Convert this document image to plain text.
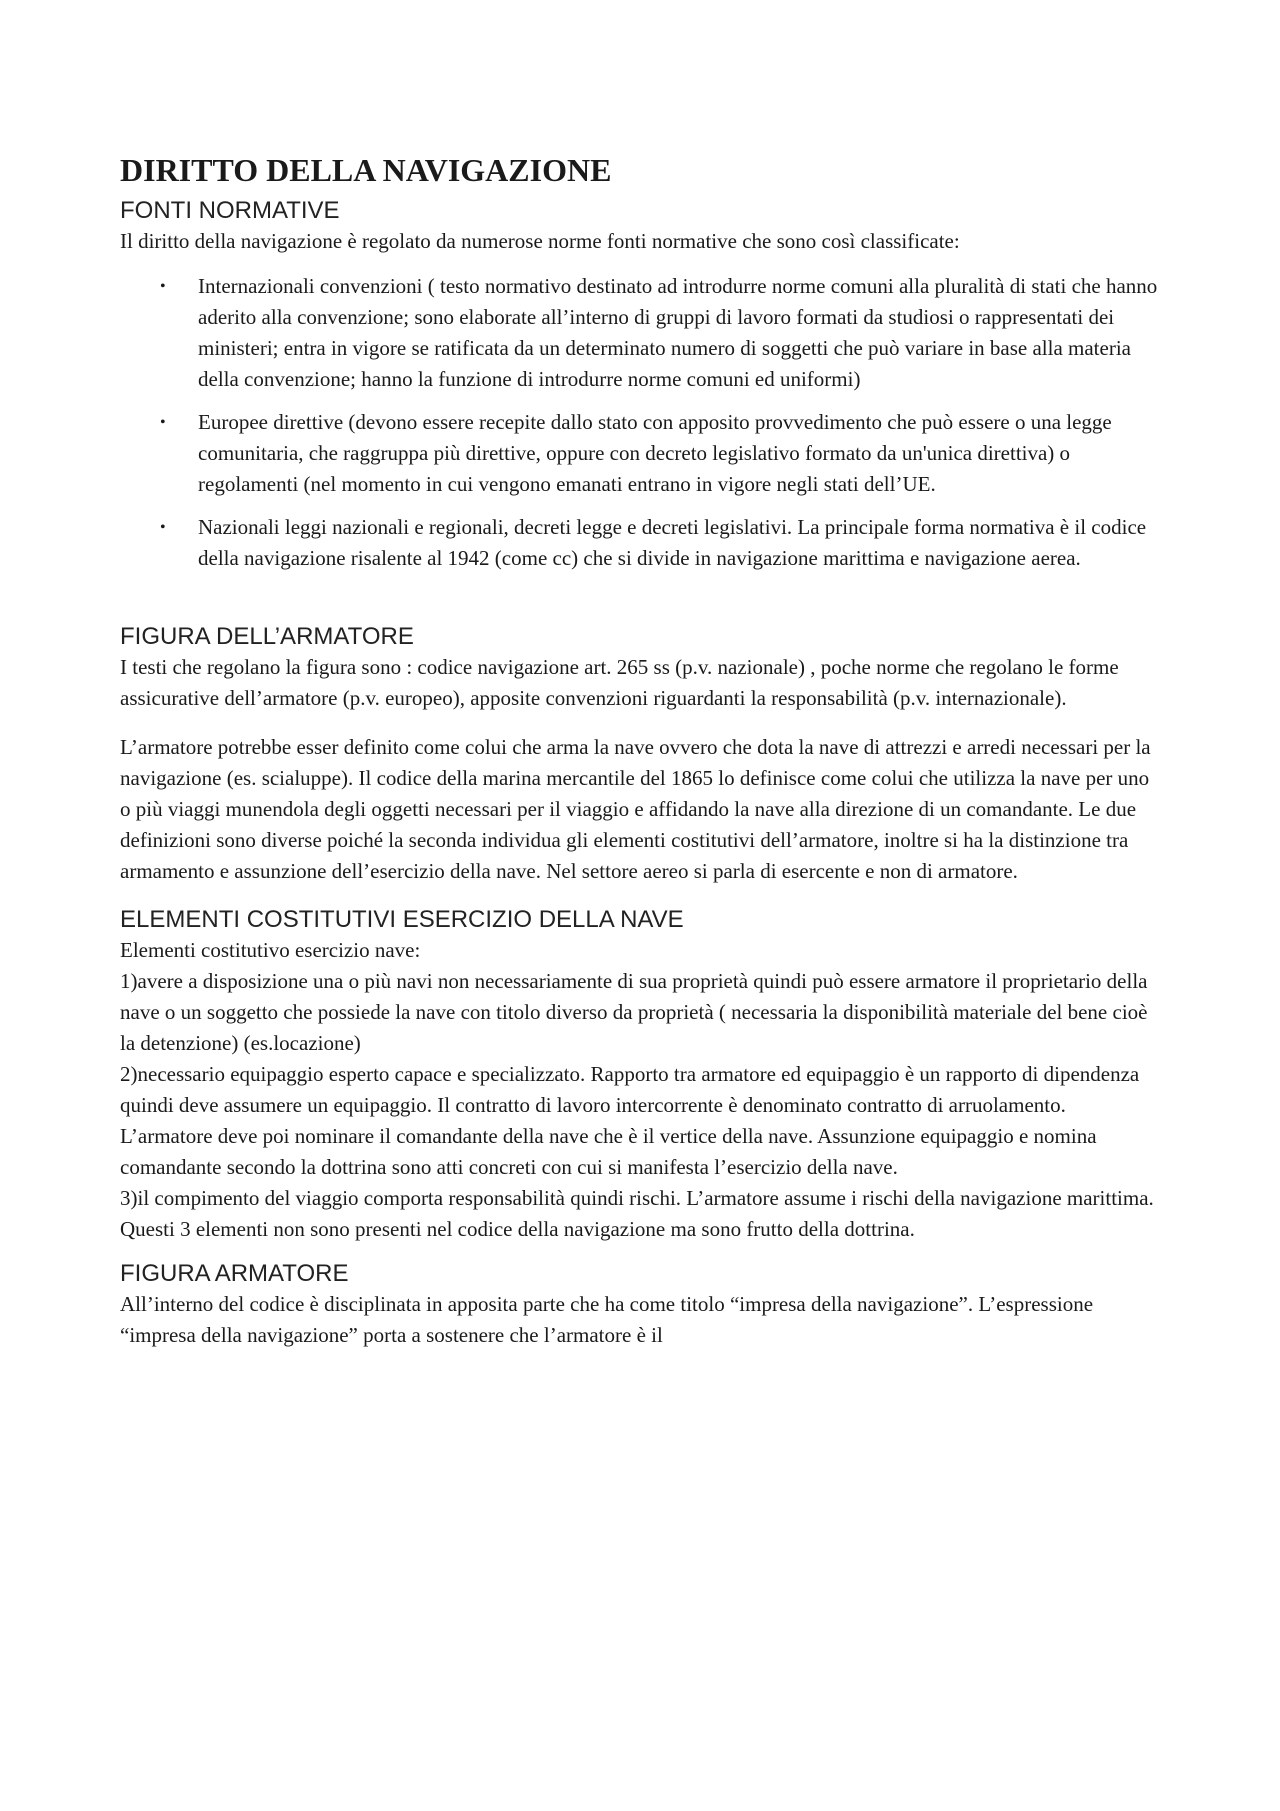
DIRITTO DELLA NAVIGAZIONE
FONTI NORMATIVE

Il diritto della navigazione è regolato da numerose norme fonti normative che sono così classificate:

• Internazionali convenzioni ( testo normativo destinato ad introdurre norme comuni alla pluralità di stati che hanno aderito alla convenzione; sono elaborate all’interno di gruppi di lavoro formati da studiosi o rappresentati dei ministeri; entra in vigore se ratificata da un determinato numero di soggetti che può variare in base alla materia della convenzione; hanno la funzione di introdurre norme comuni ed uniformi)
• Europee direttive (devono essere recepite dallo stato con apposito provvedimento che può essere o una legge comunitaria, che raggruppa più direttive, oppure con decreto legislativo formato da un'unica direttiva) o regolamenti (nel momento in cui vengono emanati entrano in vigore negli stati dell’UE.
• Nazionali leggi nazionali e regionali, decreti legge e decreti legislativi. La principale forma normativa è il codice della navigazione risalente al 1942 (come cc) che si divide in navigazione marittima e navigazione aerea.
FIGURA DELL’ARMATORE

I testi che regolano la figura sono : codice navigazione art. 265 ss (p.v. nazionale) , poche norme che regolano le forme assicurative dell’armatore (p.v. europeo), apposite convenzioni riguardanti la responsabilità (p.v. internazionale).

L’armatore potrebbe esser definito come colui che arma la nave ovvero che dota la nave di attrezzi e arredi necessari per la navigazione (es. scialuppe). Il codice della marina mercantile del 1865 lo definisce come colui che utilizza la nave per uno o più viaggi munendola degli oggetti necessari per il viaggio e affidando la nave alla direzione di un comandante. Le due definizioni sono diverse poiché la seconda individua gli elementi costitutivi dell’armatore, inoltre si ha la distinzione tra armamento e assunzione dell’esercizio della nave. Nel settore aereo si parla di esercente e non di armatore.

ELEMENTI COSTITUTIVI ESERCIZIO DELLA NAVE

Elementi costitutivo esercizio nave:

1)avere a disposizione una o più navi non necessariamente di sua proprietà quindi può essere armatore il proprietario della nave o un soggetto che possiede la nave con titolo diverso da proprietà ( necessaria la disponibilità materiale del bene cioè la detenzione) (es.locazione)

2)necessario equipaggio esperto capace e specializzato. Rapporto tra armatore ed equipaggio è un rapporto di dipendenza quindi deve assumere un equipaggio. Il contratto di lavoro intercorrente è denominato contratto di arruolamento. L’armatore deve poi nominare il comandante della nave che è il vertice della nave. Assunzione equipaggio e nomina comandante secondo la dottrina sono atti concreti con cui si manifesta l’esercizio della nave.

3)il compimento del viaggio comporta responsabilità quindi rischi. L’armatore assume i rischi della navigazione marittima.

Questi 3 elementi non sono presenti nel codice della navigazione ma sono frutto della dottrina.

FIGURA ARMATORE

All’interno del codice è disciplinata in apposita parte che ha come titolo “impresa della navigazione”. L’espressione “impresa della navigazione” porta a sostenere che l’armatore è il
